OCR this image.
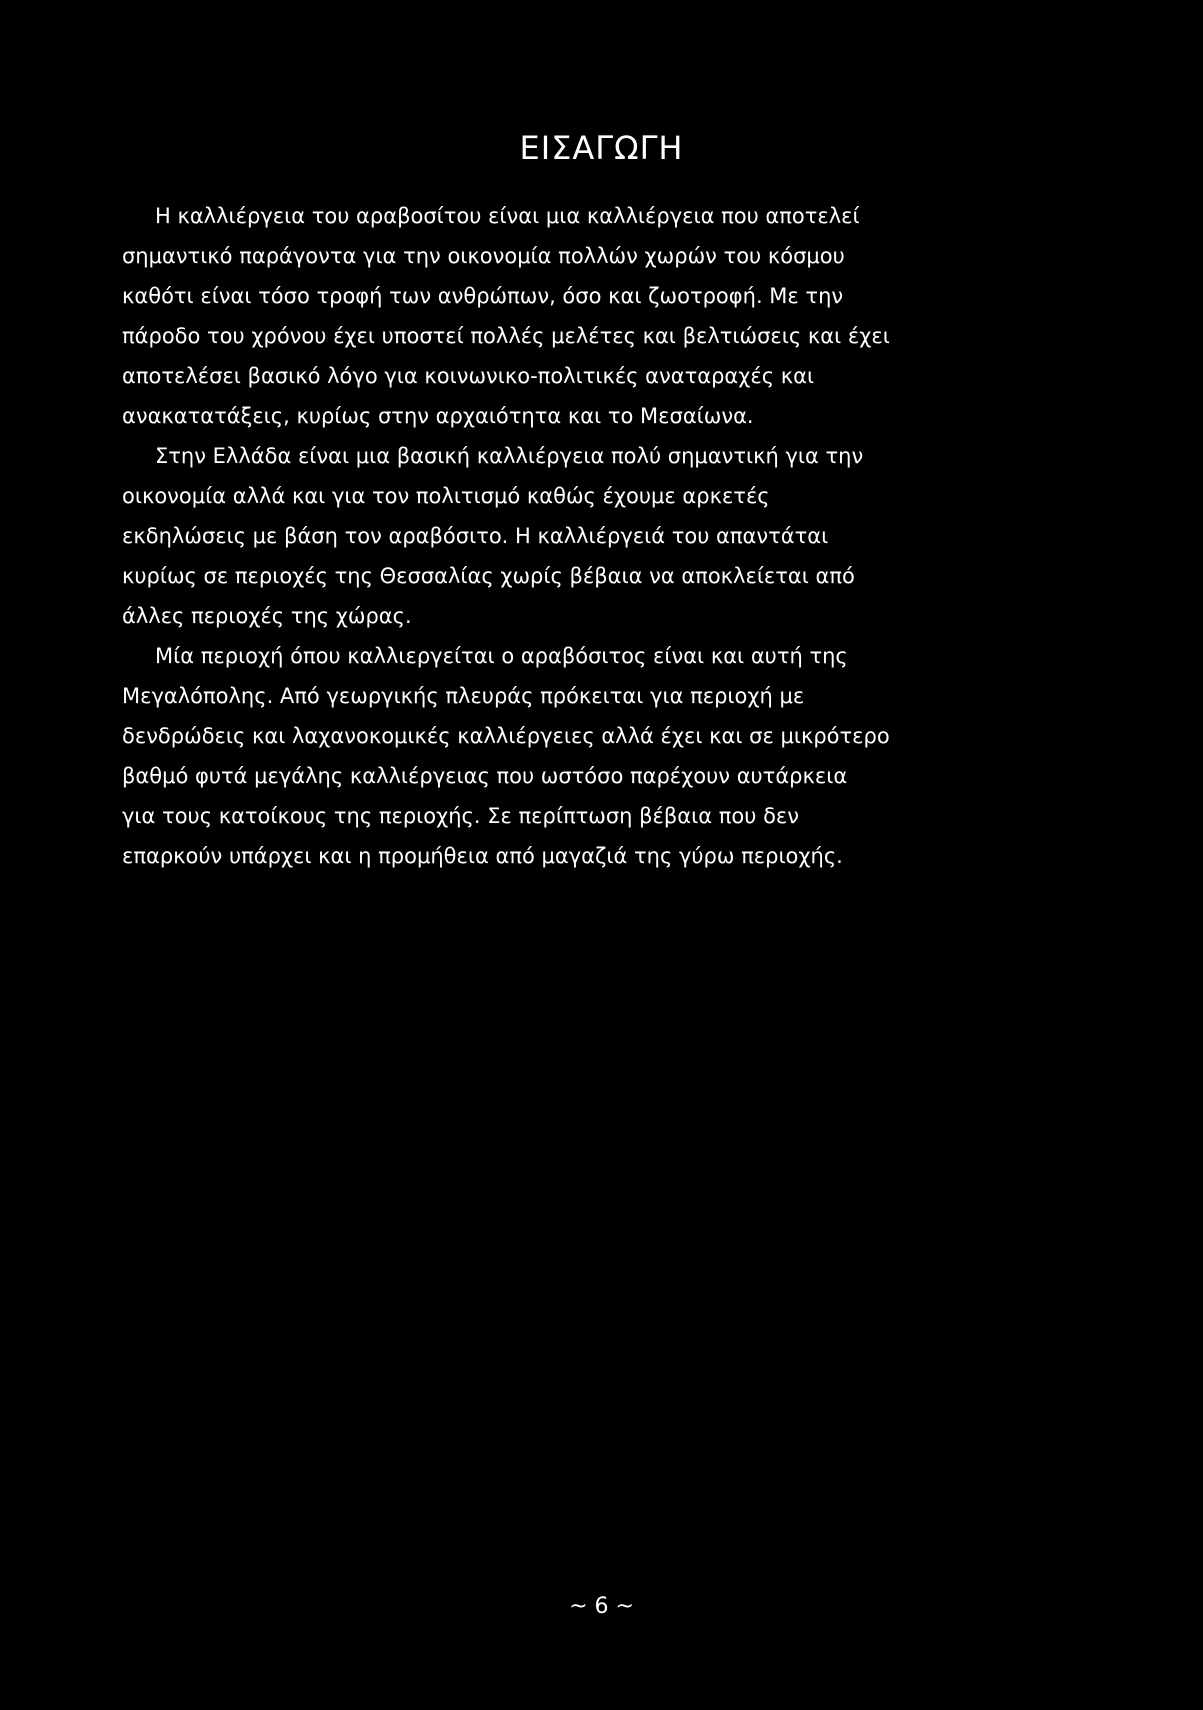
ΕΙΣΑΓΩΓΗ
Η καλλιέργεια του αραβοσίτου είναι μια καλλιέργεια που αποτελεί
σημαντικό παράγοντα για την οικονομία πολλών χωρών του κόσμου
καθότι είναι τόσο τροφή των ανθρώπων, όσο και ζωοτροφή. Με την
πάροδο του χρόνου έχει υποστεί πολλές μελέτες και βελτιώσεις και έχει
αποτελέσει βασικό λόγο για κοινωνικο-πολιτικές αναταραχές και
ανακατατάξεις, κυρίως στην αρχαιότητα και το Μεσαίωνα.
Στην Ελλάδα είναι μια βασική καλλιέργεια πολύ σημαντική για την
οικονομία αλλά και για τον πολιτισμό καθώς έχουμε αρκετές
εκδηλώσεις με βάση τον αραβόσιτο. Η καλλιέργειά του απαντάται
κυρίως σε περιοχές της Θεσσαλίας χωρίς βέβαια να αποκλείεται από
άλλες περιοχές της χώρας.
Μία περιοχή όπου καλλιεργείται ο αραβόσιτος είναι και αυτή της
Μεγαλόπολης. Από γεωργικής πλευράς πρόκειται για περιοχή με
δενδρώδεις και λαχανοκομικές καλλιέργειες αλλά έχει και σε μικρότερο
βαθμό φυτά μεγάλης καλλιέργειας που ωστόσο παρέχουν αυτάρκεια
για τους κατοίκους της περιοχής. Σε περίπτωση βέβαια που δεν
επαρκούν υπάρχει και η προμήθεια από μαγαζιά της γύρω περιοχής.
~ 6 ~
